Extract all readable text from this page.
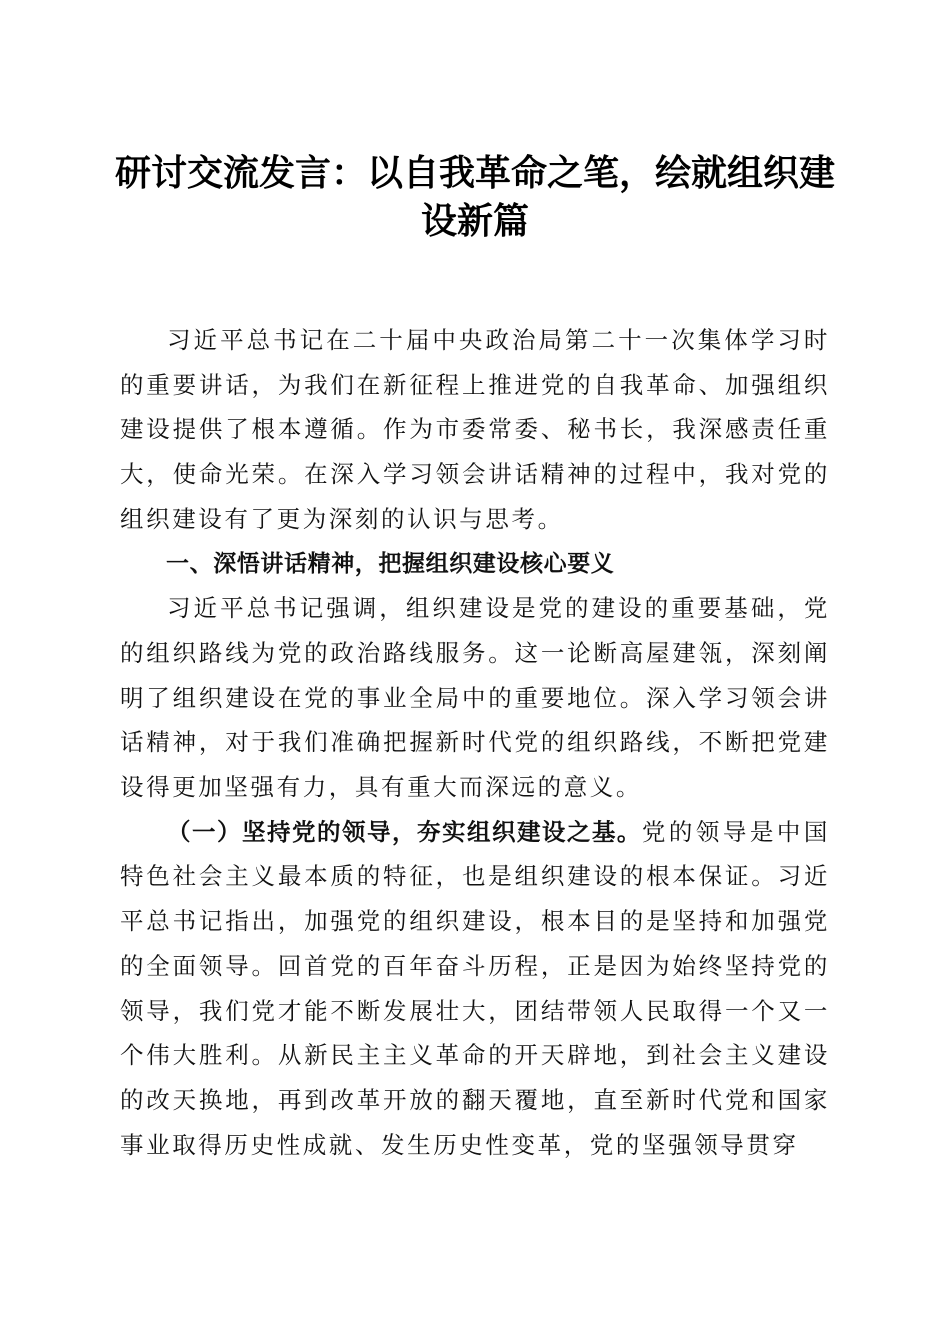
研讨交流发言：以自我革命之笔，绘就组织建设新篇

习近平总书记在二十届中央政治局第二十一次集体学习时的重要讲话，为我们在新征程上推进党的自我革命、加强组织建设提供了根本遵循。作为市委常委、秘书长，我深感责任重大，使命光荣。在深入学习领会讲话精神的过程中，我对党的组织建设有了更为深刻的认识与思考。

一、深悟讲话精神，把握组织建设核心要义

习近平总书记强调，组织建设是党的建设的重要基础，党的组织路线为党的政治路线服务。这一论断高屋建瓴，深刻阐明了组织建设在党的事业全局中的重要地位。深入学习领会讲话精神，对于我们准确把握新时代党的组织路线，不断把党建设得更加坚强有力，具有重大而深远的意义。

（一）坚持党的领导，夯实组织建设之基。党的领导是中国特色社会主义最本质的特征，也是组织建设的根本保证。习近平总书记指出，加强党的组织建设，根本目的是坚持和加强党的全面领导。回首党的百年奋斗历程，正是因为始终坚持党的领导，我们党才能不断发展壮大，团结带领人民取得一个又一个伟大胜利。从新民主主义革命的开天辟地，到社会主义建设的改天换地，再到改革开放的翻天覆地，直至新时代党和国家事业取得历史性成就、发生历史性变革，党的坚强领导贯穿
